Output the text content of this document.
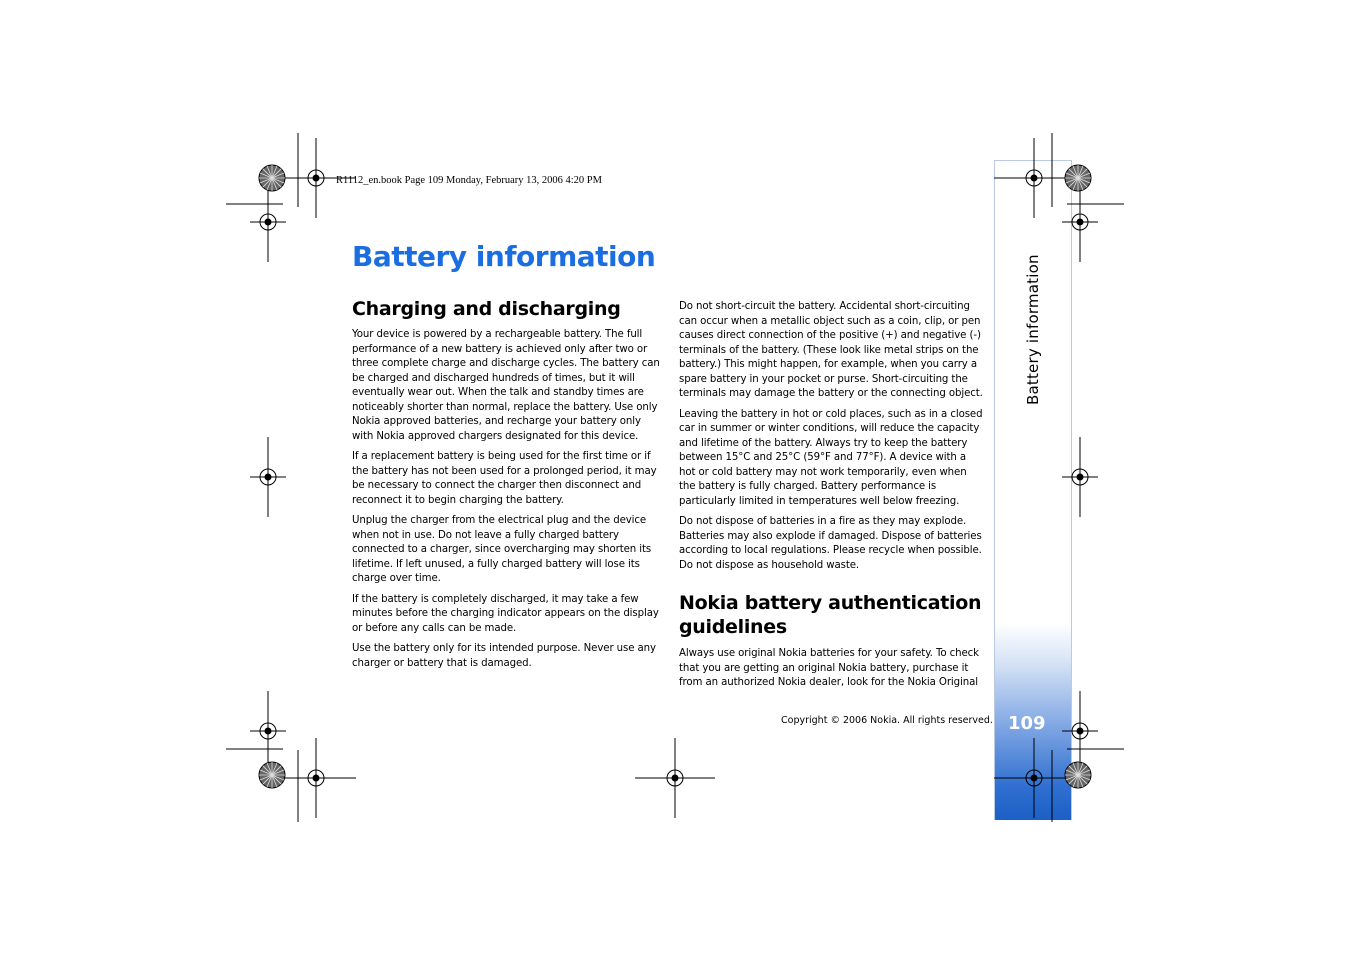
Battery information
109
R1112_en.book Page 109 Monday, February 13, 2006 4:20 PM
Battery information
Charging and discharging

Your device is powered by a rechargeable battery. The full performance of a new battery is achieved only after two or three complete charge and discharge cycles. The battery can be charged and discharged hundreds of times, but it will eventually wear out. When the talk and standby times are noticeably shorter than normal, replace the battery. Use only Nokia approved batteries, and recharge your battery only with Nokia approved chargers designated for this device.

If a replacement battery is being used for the first time or if the battery has not been used for a prolonged period, it may be necessary to connect the charger then disconnect and reconnect it to begin charging the battery.

Unplug the charger from the electrical plug and the device when not in use. Do not leave a fully charged battery connected to a charger, since overcharging may shorten its lifetime. If left unused, a fully charged battery will lose its charge over time.

If the battery is completely discharged, it may take a few minutes before the charging indicator appears on the display or before any calls can be made.

Use the battery only for its intended purpose. Never use any charger or battery that is damaged.

Do not short-circuit the battery. Accidental short-circuiting can occur when a metallic object such as a coin, clip, or pen causes direct connection of the positive (+) and negative (-) terminals of the battery. (These look like metal strips on the battery.) This might happen, for example, when you carry a spare battery in your pocket or purse. Short-circuiting the terminals may damage the battery or the connecting object.

Leaving the battery in hot or cold places, such as in a closed car in summer or winter conditions, will reduce the capacity and lifetime of the battery. Always try to keep the battery between 15°C and 25°C (59°F and 77°F). A device with a hot or cold battery may not work temporarily, even when the battery is fully charged. Battery performance is particularly limited in temperatures well below freezing.

Do not dispose of batteries in a fire as they may explode. Batteries may also explode if damaged. Dispose of batteries according to local regulations. Please recycle when possible. Do not dispose as household waste.

Nokia battery authentication guidelines

Always use original Nokia batteries for your safety. To check that you are getting an original Nokia battery, purchase it from an authorized Nokia dealer, look for the Nokia Original

Copyright © 2006 Nokia. All rights reserved.
